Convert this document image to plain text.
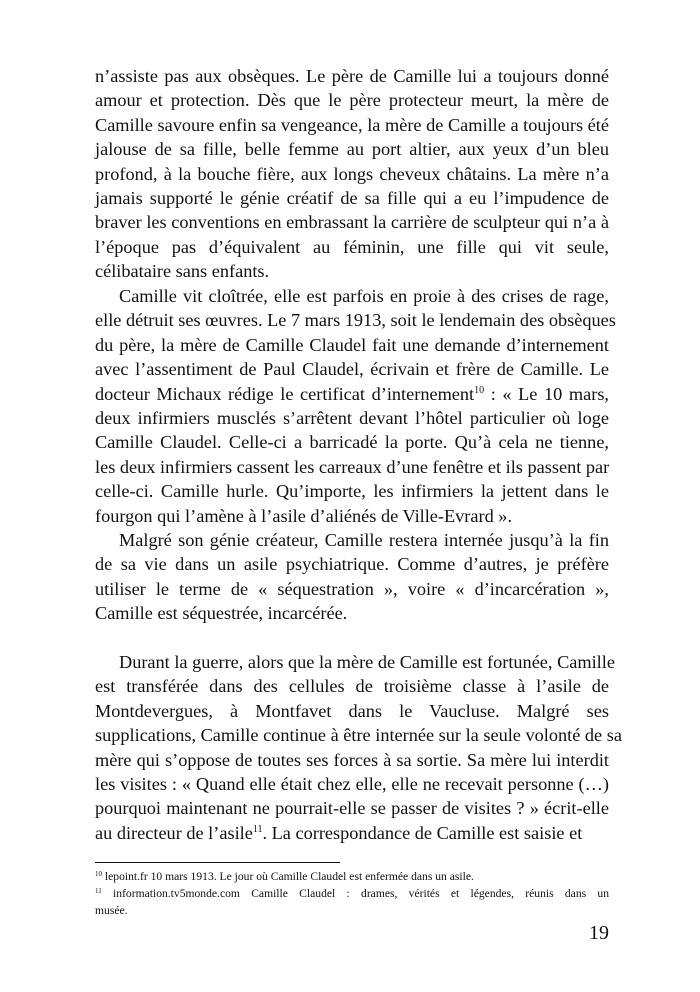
n’assiste pas aux obsèques. Le père de Camille lui a toujours donné
amour et protection. Dès que le père protecteur meurt, la mère de
Camille savoure enfin sa vengeance, la mère de Camille a toujours été
jalouse de sa fille, belle femme au port altier, aux yeux d’un bleu
profond, à la bouche fière, aux longs cheveux châtains. La mère n’a
jamais supporté le génie créatif de sa fille qui a eu l’impudence de
braver les conventions en embrassant la carrière de sculpteur qui n’a à
l’époque pas d’équivalent au féminin, une fille qui vit seule,
célibataire sans enfants.
Camille vit cloîtrée, elle est parfois en proie à des crises de rage,
elle détruit ses œuvres. Le 7 mars 1913, soit le lendemain des obsèques
du père, la mère de Camille Claudel fait une demande d’internement
avec l’assentiment de Paul Claudel, écrivain et frère de Camille. Le
docteur Michaux rédige le certificat d’internement$^{10}$ : « Le 10 mars,
deux infirmiers musclés s’arrêtent devant l’hôtel particulier où loge
Camille Claudel. Celle-ci a barricadé la porte. Qu’à cela ne tienne,
les deux infirmiers cassent les carreaux d’une fenêtre et ils passent par
celle-ci. Camille hurle. Qu’importe, les infirmiers la jettent dans le
fourgon qui l’amène à l’asile d’aliénés de Ville-Evrard ».
Malgré son génie créateur, Camille restera internée jusqu’à la fin
de sa vie dans un asile psychiatrique. Comme d’autres, je préfère
utiliser le terme de « séquestration », voire « d’incarcération »,
Camille est séquestrée, incarcérée.
Durant la guerre, alors que la mère de Camille est fortunée, Camille
est transférée dans des cellules de troisième classe à l’asile de
Montdevergues, à Montfavet dans le Vaucluse. Malgré ses
supplications, Camille continue à être internée sur la seule volonté de sa
mère qui s’oppose de toutes ses forces à sa sortie. Sa mère lui interdit
les visites : « Quand elle était chez elle, elle ne recevait personne (…)
pourquoi maintenant ne pourrait-elle se passer de visites ? » écrit-elle
au directeur de l’asile$^{11}$. La correspondance de Camille est saisie et
$^{10}$ lepoint.fr 10 mars 1913. Le jour où Camille Claudel est enfermée dans un asile.
$^{11}$ information.tv5monde.com Camille Claudel : drames, vérités et légendes, réunis dans un
musée.
19
